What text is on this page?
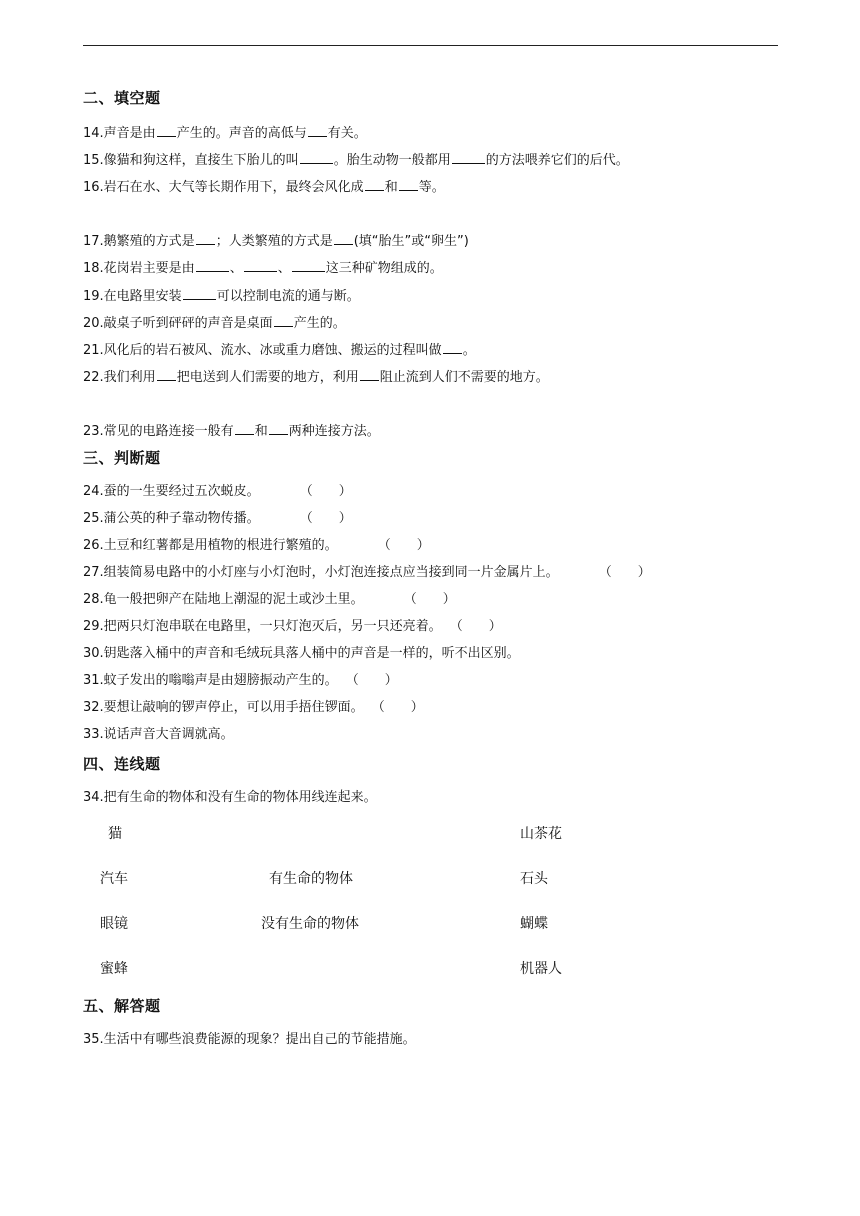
二、填空题
14.声音是由 产生的。声音的高低与 有关。
15.像猫和狗这样，直接生下胎儿的叫	。胎生动物一般都用	的方法喂养它们的后代。
16.岩石在水、大气等长期作用下，最终会风化成 和 等。
17.鹅繁殖的方式是 ；人类繁殖的方式是 (填“胎生”或“卵生”)
18.花岗岩主要是由	、	、	这三种矿物组成的。
19.在电路里安装	可以控制电流的通与断。
20.敲桌子听到砰砰的声音是桌面 产生的。
21.风化后的岩石被风、流水、冰或重力磨蚀、搬运的过程叫做 。
22.我们利用 把电送到人们需要的地方，利用 阻止流到人们不需要的地方。
23.常见的电路连接一般有 和 两种连接方法。
三、判断题
24.蚕的一生要经过五次蜕皮。	（　　）
25.蒲公英的种子靠动物传播。	（　　）
26.土豆和红薯都是用植物的根进行繁殖的。	（　　）
27.组装简易电路中的小灯座与小灯泡时，小灯泡连接点应当接到同一片金属片上。	（　　）
28.龟一般把卵产在陆地上潮湿的泥土或沙土里。	（　　）
29.把两只灯泡串联在电路里，一只灯泡灭后，另一只还亮着。 （　　）
30.钥匙落入桶中的声音和毛绒玩具落人桶中的声音是一样的，听不出区别。
31.蚊子发出的嗡嗡声是由翅膀振动产生的。 （　　）
32.要想让敲响的锣声停止，可以用手捂住锣面。 （　　）
33.说话声音大音调就高。
四、连线题
34.把有生命的物体和没有生命的物体用线连起来。
猫
汽车
眼镜
蜜蜂
有生命的物体
没有生命的物体
山茶花
石头
蝴蝶
机器人
五、解答题
35.生活中有哪些浪费能源的现象？提出自己的节能措施。
